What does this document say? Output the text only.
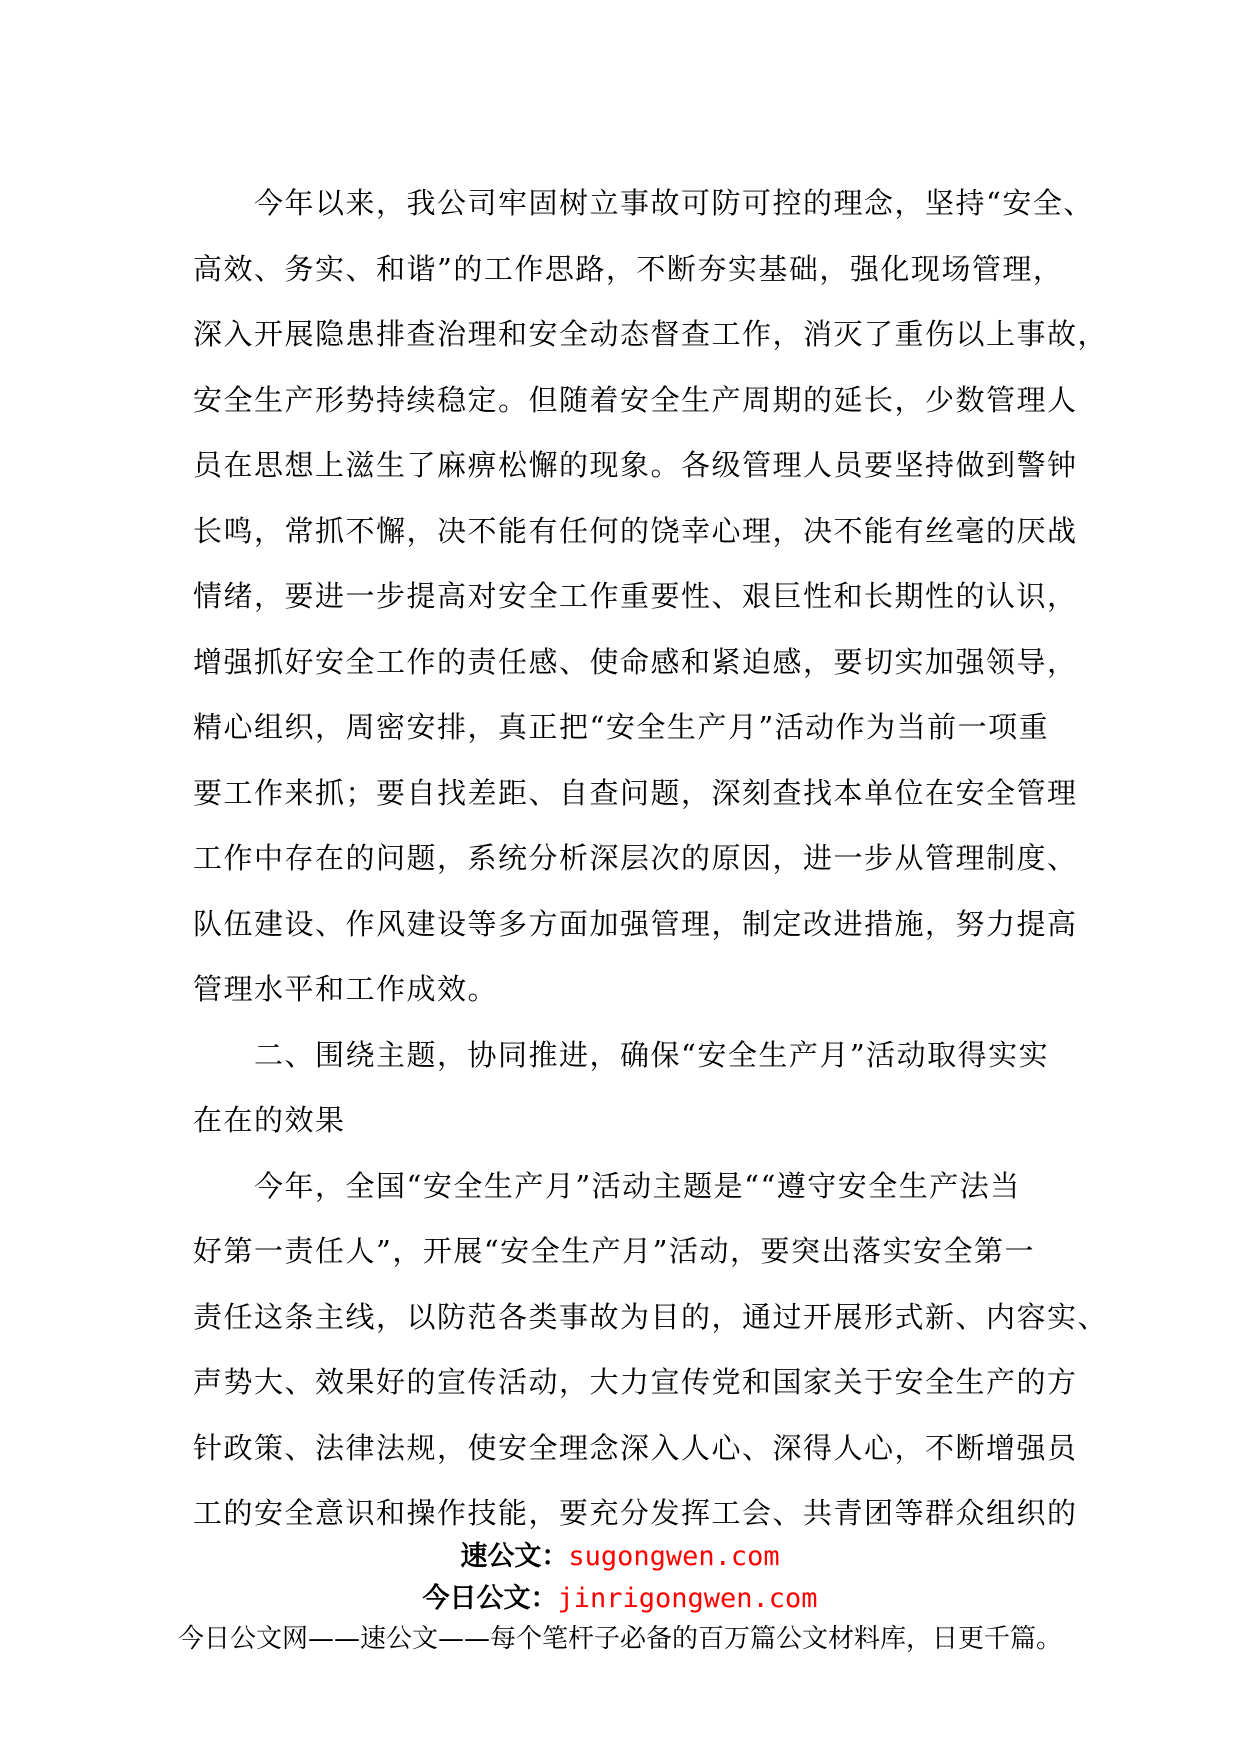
　　今年以来，我公司牢固树立事故可防可控的理念，坚持“安全、
高效、务实、和谐”的工作思路，不断夯实基础，强化现场管理，
深入开展隐患排查治理和安全动态督查工作，消灭了重伤以上事故，
安全生产形势持续稳定。但随着安全生产周期的延长，少数管理人
员在思想上滋生了麻痹松懈的现象。各级管理人员要坚持做到警钟
长鸣，常抓不懈，决不能有任何的饶幸心理，决不能有丝毫的厌战
情绪，要进一步提高对安全工作重要性、艰巨性和长期性的认识，
增强抓好安全工作的责任感、使命感和紧迫感，要切实加强领导，
精心组织，周密安排，真正把“安全生产月”活动作为当前一项重
要工作来抓；要自找差距、自查问题，深刻查找本单位在安全管理
工作中存在的问题，系统分析深层次的原因，进一步从管理制度、
队伍建设、作风建设等多方面加强管理，制定改进措施，努力提高
管理水平和工作成效。
　　二、围绕主题，协同推进，确保“安全生产月”活动取得实实
在在的效果
　　今年，全国“安全生产月”活动主题是““遵守安全生产法当
好第一责任人”，开展“安全生产月”活动，要突出落实安全第一
责任这条主线，以防范各类事故为目的，通过开展形式新、内容实、
声势大、效果好的宣传活动，大力宣传党和国家关于安全生产的方
针政策、法律法规，使安全理念深入人心、深得人心，不断增强员
工的安全意识和操作技能，要充分发挥工会、共青团等群众组织的
速公文：sugongwen.com
今日公文：jinrigongwen.com
今日公文网——速公文——每个笔杆子必备的百万篇公文材料库，日更千篇。
